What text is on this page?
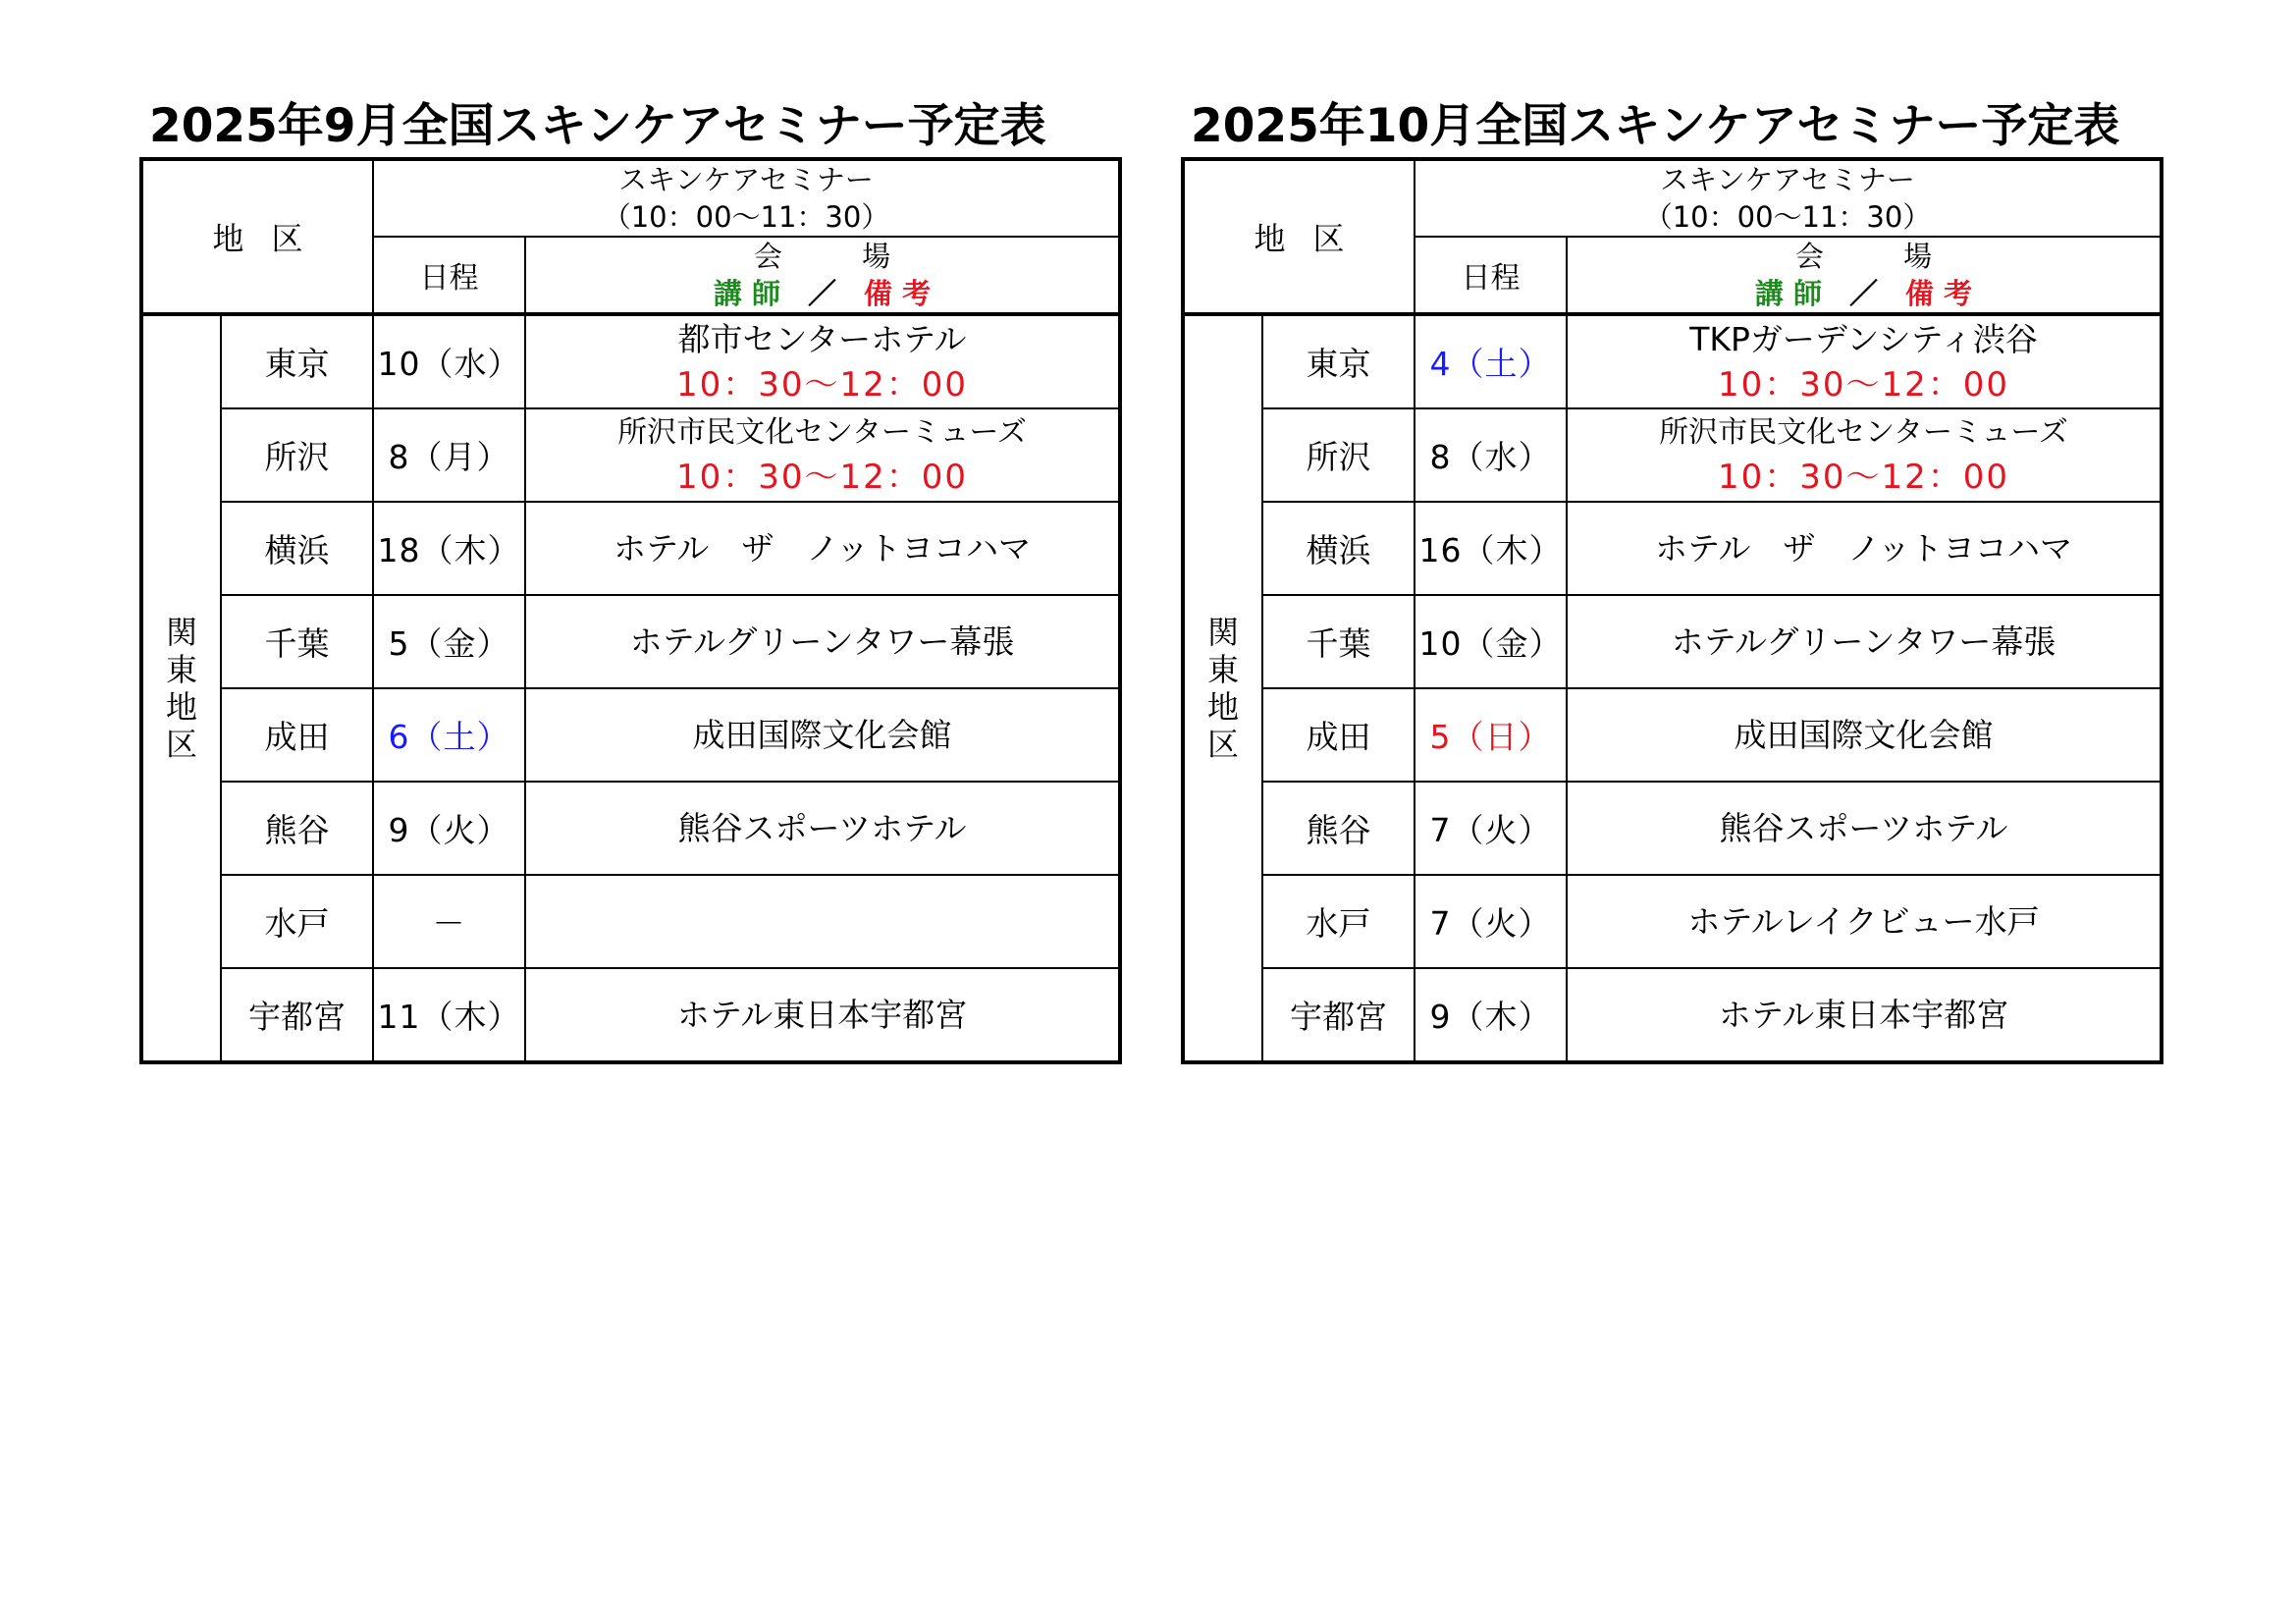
2025年9月全国スキンケアセミナー予定表
地区		スキンケアセミナー
（10：00～11：30）	

		日程	会 場
講 師 ／ 備 考

関
東
地
区	東京	10（水）	都市センターホテル
10：30～12：00

	所沢	8（月）	所沢市民文化センターミューズ
10：30～12：00

	横浜	18（木）	ホテル　ザ　ノットヨコハマ

	千葉	5（金）	ホテルグリーンタワー幕張

	成田	6（土）	成田国際文化会館

	熊谷	9（火）	熊谷スポーツホテル

	水戸	－	
	宇都宮	11（木）	ホテル東日本宇都宮
2025年10月全国スキンケアセミナー予定表
地区		スキンケアセミナー
（10：00～11：30）	

		日程	会 場
講 師 ／ 備 考

関
東
地
区	東京	4（土）	TKPガーデンシティ渋谷
10：30～12：00

	所沢	8（水）	所沢市民文化センターミューズ
10：30～12：00

	横浜	16（木）	ホテル　ザ　ノットヨコハマ

	千葉	10（金）	ホテルグリーンタワー幕張

	成田	5（日）	成田国際文化会館

	熊谷	7（火）	熊谷スポーツホテル

	水戸	7（火）	ホテルレイクビュー水戸

	宇都宮	9（木）	ホテル東日本宇都宮
